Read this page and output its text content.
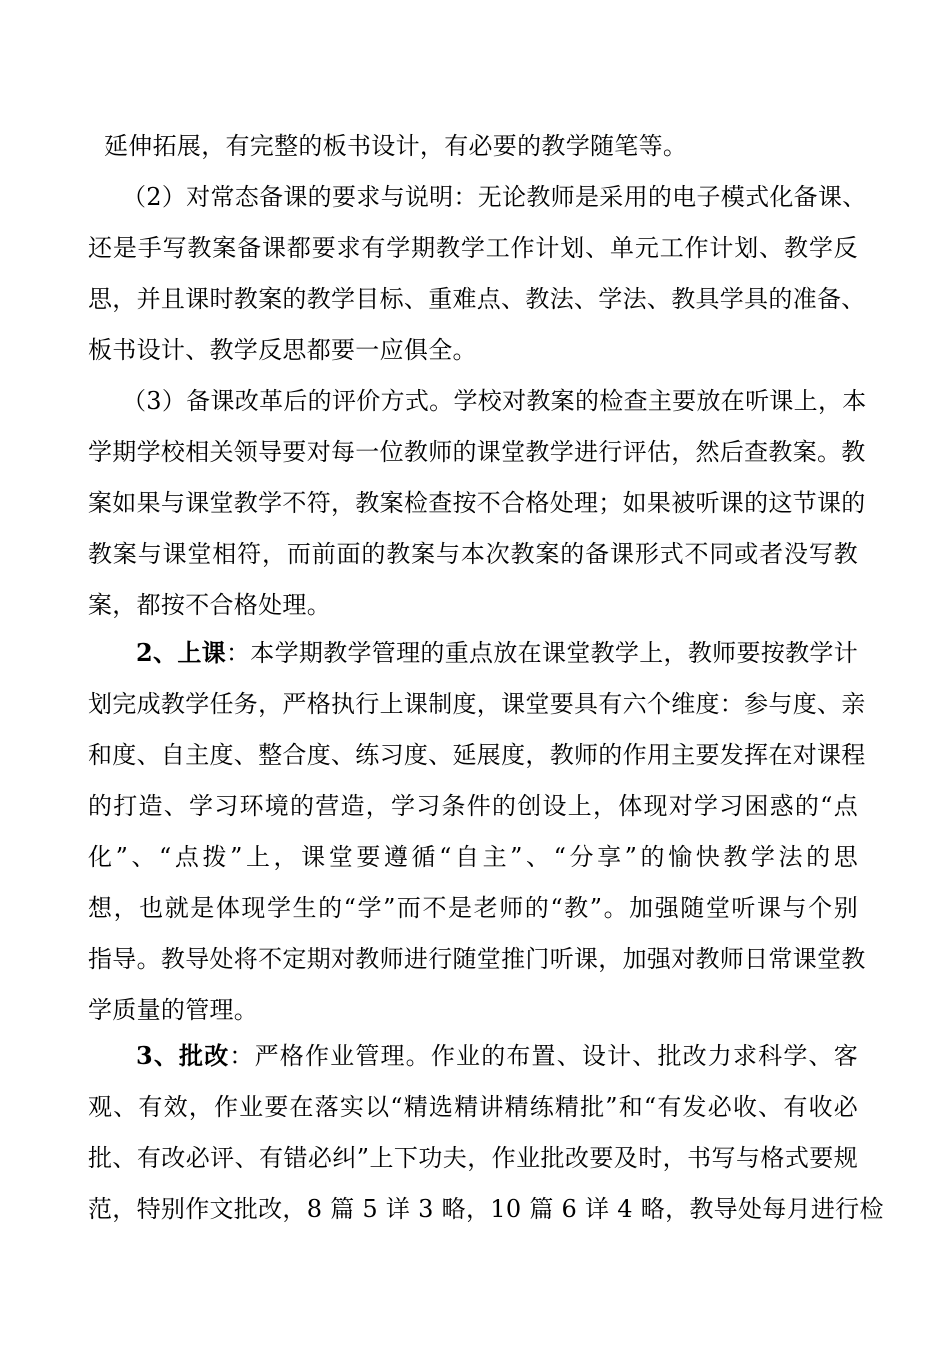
延伸拓展，有完整的板书设计，有必要的教学随笔等。
（2）对常态备课的要求与说明：无论教师是采用的电子模式化备课、
还是手写教案备课都要求有学期教学工作计划、单元工作计划、教学反
思，并且课时教案的教学目标、重难点、教法、学法、教具学具的准备、
板书设计、教学反思都要一应俱全。
（3）备课改革后的评价方式。学校对教案的检查主要放在听课上，本
学期学校相关领导要对每一位教师的课堂教学进行评估，然后查教案。教
案如果与课堂教学不符，教案检查按不合格处理；如果被听课的这节课的
教案与课堂相符，而前面的教案与本次教案的备课形式不同或者没写教
案，都按不合格处理。
2、上课：本学期教学管理的重点放在课堂教学上，教师要按教学计
划完成教学任务，严格执行上课制度，课堂要具有六个维度：参与度、亲
和度、自主度、整合度、练习度、延展度，教师的作用主要发挥在对课程
的打造、学习环境的营造，学习条件的创设上，体现对学习困惑的“点
化”、“点拨”上，课堂要遵循“自主”、“分享”的愉快教学法的思
想，也就是体现学生的“学”而不是老师的“教”。加强随堂听课与个别
指导。教导处将不定期对教师进行随堂推门听课，加强对教师日常课堂教
学质量的管理。
3、批改：严格作业管理。作业的布置、设计、批改力求科学、客
观、有效，作业要在落实以“精选精讲精练精批”和“有发必收、有收必
批、有改必评、有错必纠”上下功夫，作业批改要及时，书写与格式要规
范，特别作文批改，8 篇 5 详 3 略，10 篇 6 详 4 略，教导处每月进行检
